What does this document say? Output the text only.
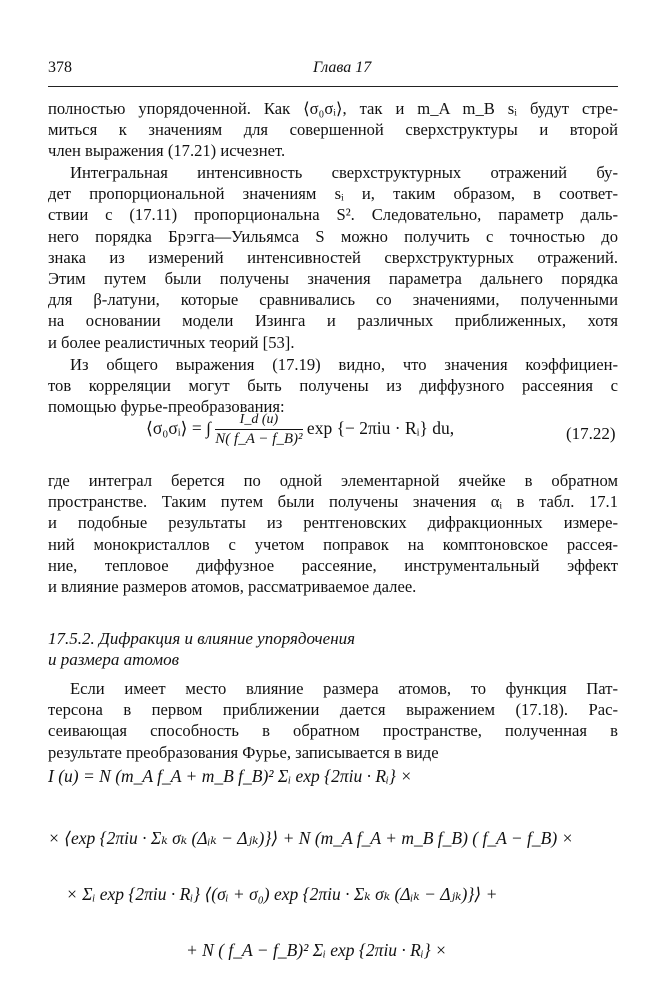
378	Глава 17
полностью упорядоченной. Как ⟨σ₀σᵢ⟩, так и m_A m_B sᵢ будут стре-
миться к значениям для совершенной сверхструктуры и второй
член выражения (17.21) исчезнет.
Интегральная интенсивность сверхструктурных отражений бу-
дет пропорциональной значениям sᵢ и, таким образом, в соответ-
ствии с (17.11) пропорциональна S². Следовательно, параметр даль-
него порядка Брэгга—Уильямса S можно получить с точностью до
знака из измерений интенсивностей сверхструктурных отражений.
Этим путем были получены значения параметра дальнего порядка
для β-латуни, которые сравнивались со значениями, полученными
на основании модели Изинга и различных приближенных, хотя
и более реалистичных теорий [53].
Из общего выражения (17.19) видно, что значения коэффициен-
тов корреляции могут быть получены из диффузного рассеяния с
помощью фурье-преобразования:
⟨σ₀σᵢ⟩ = ∫ $\frac{I\_d (u)}{\text{N( f\_A − f\_B)²}}$ exp {− 2πiu · Rᵢ} du,	(17.22)
где интеграл берется по одной элементарной ячейке в обратном
пространстве. Таким путем были получены значения αᵢ в табл. 17.1
и подобные результаты из рентгеновских дифракционных измере-
ний монокристаллов с учетом поправок на комптоновское рассея-
ние, тепловое диффузное рассеяние, инструментальный эффект
и влияние размеров атомов, рассматриваемое далее.
17.5.2. Дифракция и влияние упорядочения
и размера атомов
Если имеет место влияние размера атомов, то функция Пат-
терсона в первом приближении дается выражением (17.18). Рас-
сеивающая способность в обратном пространстве, полученная в
результате преобразования Фурье, записывается в виде
I (u) = N (m_A f_A + m_B f_B)² Σᵢ exp {2πiu · Rᵢ} ×
× ⟨exp {2πiu · Σₖ σₖ (Δᵢₖ − Δⱼₖ)}⟩ + N (m_A f_A + m_B f_B) ( f_A − f_B) ×
× Σᵢ exp {2πiu · Rᵢ} ⟨(σᵢ + σ₀) exp {2πiu · Σₖ σₖ (Δᵢₖ − Δⱼₖ)}⟩ +
+ N ( f_A − f_B)² Σᵢ exp {2πiu · Rᵢ} ×
